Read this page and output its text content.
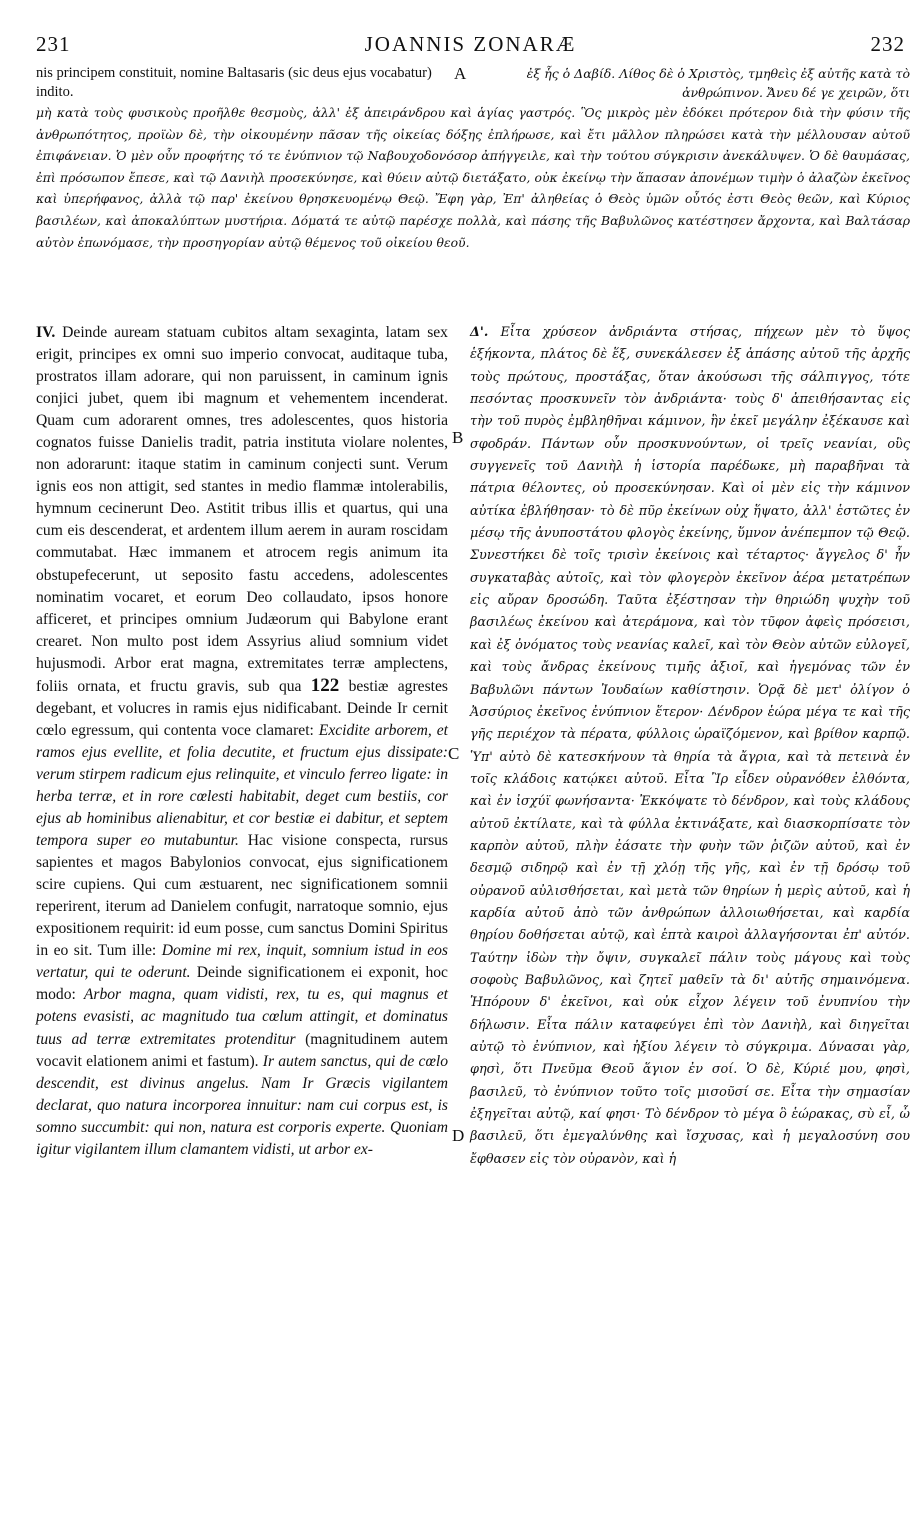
231	JOANNIS ZONARÆ	232
A
B
C
D

nis principem constituit, nomine Baltasaris (sic deus ejus vocabatur) indito.

ἐξ ἧς ὁ Δαβίδ. Λίθος δὲ ὁ Χριστὸς, τμηθεὶς ἐξ αὐτῆς κατὰ τὸ ἀνθρώπινον. Ἄνευ δέ γε χειρῶν, ὅτι

μὴ κατὰ τοὺς φυσικοὺς προῆλθε θεσμοὺς, ἀλλ' ἐξ ἀπειράνδρου καὶ ἁγίας γαστρός. Ὃς μικρὸς μὲν ἐδόκει πρότερον διὰ τὴν φύσιν τῆς ἀνθρωπότητος, προϊὼν δὲ, τὴν οἰκουμένην πᾶσαν τῆς οἰκείας δόξης ἐπλήρωσε, καὶ ἔτι μᾶλλον πληρώσει κατὰ τὴν μέλλουσαν αὐτοῦ ἐπιφάνειαν. Ὁ μὲν οὖν προφήτης τό τε ἐνύπνιον τῷ Ναβουχοδονόσορ ἀπήγγειλε, καὶ τὴν τούτου σύγκρισιν ἀνεκάλυψεν. Ὁ δὲ θαυμάσας, ἐπὶ πρόσωπον ἔπεσε, καὶ τῷ Δανιὴλ προσεκύνησε, καὶ θύειν αὐτῷ διετάξατο, οὐκ ἐκείνῳ τὴν ἅπασαν ἀπονέμων τιμὴν ὁ ἀλαζὼν ἐκεῖνος καὶ ὑπερήφανος, ἀλλὰ τῷ παρ' ἐκείνου θρησκευομένῳ Θεῷ. Ἔφη γὰρ, Ἐπ' ἀληθείας ὁ Θεὸς ὑμῶν οὗτός ἐστι Θεὸς θεῶν, καὶ Κύριος βασιλέων, καὶ ἀποκαλύπτων μυστήρια. Δόματά τε αὐτῷ παρέσχε πολλὰ, καὶ πάσης τῆς Βαβυλῶνος κατέστησεν ἄρχοντα, καὶ Βαλτάσαρ αὐτὸν ἐπωνόμασε, τὴν προσηγορίαν αὐτῷ θέμενος τοῦ οἰκείου θεοῦ.

IV. Deinde auream statuam cubitos altam sexaginta, latam sex erigit, principes ex omni suo imperio convocat, auditaque tuba, prostratos illam adorare, qui non paruissent, in caminum ignis conjici jubet, quem ibi magnum et vehementem incenderat. Quam cum adorarent omnes, tres adolescentes, quos historia cognatos fuisse Danielis tradit, patria instituta violare nolentes, non adorarunt: itaque statim in caminum conjecti sunt. Verum ignis eos non attigit, sed stantes in medio flammæ intolerabilis, hymnum cecinerunt Deo. Astitit tribus illis et quartus, qui una cum eis descenderat, et ardentem illum aerem in auram roscidam commutabat. Hæc immanem et atrocem regis animum ita obstupefecerunt, ut seposito fastu accedens, adolescentes nominatim vocaret, et eorum Deo collaudato, ipsos honore afficeret, et principes omnium Judæorum qui Babylone erant crearet. Non multo post idem Assyrius aliud somnium videt hujusmodi. Arbor erat magna, extremitates terræ amplectens, foliis ornata, et fructu gravis, sub qua 122 bestiæ agrestes degebant, et volucres in ramis ejus nidificabant. Deinde Ir cernit cœlo egressum, qui contenta voce clamaret: Excidite arborem, et ramos ejus evellite, et folia decutite, et fructum ejus dissipate: verum stirpem radicum ejus relinquite, et vinculo ferreo ligate: in herba terræ, et in rore cœlesti habitabit, deget cum bestiis, cor ejus ab hominibus alienabitur, et cor bestiæ ei dabitur, et septem tempora super eo mutabuntur. Hac visione conspecta, rursus sapientes et magos Babylonios convocat, ejus significationem scire cupiens. Qui cum æstuarent, nec significationem somnii reperirent, iterum ad Danielem confugit, narratoque somnio, ejus expositionem requirit: id eum posse, cum sanctus Domini Spiritus in eo sit. Tum ille: Domine mi rex, inquit, somnium istud in eos vertatur, qui te oderunt. Deinde significationem ei exponit, hoc modo: Arbor magna, quam vidisti, rex, tu es, qui magnus et potens evasisti, ac magnitudo tua cœlum attingit, et dominatus tuus ad terræ extremitates protenditur (magnitudinem autem vocavit elationem animi et fastum). Ir autem sanctus, qui de cœlo descendit, est divinus angelus. Nam Ir Græcis vigilantem declarat, quo natura incorporea innuitur: nam cui corpus est, is somno succumbit: qui non, natura est corporis experte. Quoniam igitur vigilantem illum clamantem vidisti, ut arbor ex-

Δ'. Εἶτα χρύσεον ἀνδριάντα στήσας, πήχεων μὲν τὸ ὕψος ἑξήκοντα, πλάτος δὲ ἕξ, συνεκάλεσεν ἐξ ἁπάσης αὐτοῦ τῆς ἀρχῆς τοὺς πρώτους, προστάξας, ὅταν ἀκούσωσι τῆς σάλπιγγος, τότε πεσόντας προσκυνεῖν τὸν ἀνδριάντα· τοὺς δ' ἀπειθήσαντας εἰς τὴν τοῦ πυρὸς ἐμβληθῆναι κάμινον, ἣν ἐκεῖ μεγάλην ἐξέκαυσε καὶ σφοδράν. Πάντων οὖν προσκυνούντων, οἱ τρεῖς νεανίαι, οὓς συγγενεῖς τοῦ Δανιὴλ ἡ ἱστορία παρέδωκε, μὴ παραβῆναι τὰ πάτρια θέλοντες, οὐ προσεκύνησαν. Καὶ οἱ μὲν εἰς τὴν κάμινον αὐτίκα ἐβλήθησαν· τὸ δὲ πῦρ ἐκείνων οὐχ ἥψατο, ἀλλ' ἑστῶτες ἐν μέσῳ τῆς ἀνυποστάτου φλογὸς ἐκείνης, ὕμνον ἀνέπεμπον τῷ Θεῷ. Συνεστήκει δὲ τοῖς τρισὶν ἐκείνοις καὶ τέταρτος· ἄγγελος δ' ἦν συγκαταβὰς αὐτοῖς, καὶ τὸν φλογερὸν ἐκεῖνον ἀέρα μετατρέπων εἰς αὔραν δροσώδη. Ταῦτα ἐξέστησαν τὴν θηριώδη ψυχὴν τοῦ βασιλέως ἐκείνου καὶ ἀτεράμονα, καὶ τὸν τῦφον ἀφεὶς πρόσεισι, καὶ ἐξ ὀνόματος τοὺς νεανίας καλεῖ, καὶ τὸν Θεὸν αὐτῶν εὐλογεῖ, καὶ τοὺς ἄνδρας ἐκείνους τιμῆς ἀξιοῖ, καὶ ἡγεμόνας τῶν ἐν Βαβυλῶνι πάντων Ἰουδαίων καθίστησιν. Ὁρᾷ δὲ μετ' ὀλίγον ὁ Ἀσσύριος ἐκεῖνος ἐνύπνιον ἕτερον· Δένδρον ἑώρα μέγα τε καὶ τῆς γῆς περιέχον τὰ πέρατα, φύλλοις ὡραϊζόμενον, καὶ βρίθον καρπῷ. Ὑπ' αὐτὸ δὲ κατεσκήνουν τὰ θηρία τὰ ἄγρια, καὶ τὰ πετεινὰ ἐν τοῖς κλάδοις κατῴκει αὐτοῦ. Εἶτα Ἲρ εἶδεν οὐρανόθεν ἐλθόντα, καὶ ἐν ἰσχύϊ φωνήσαντα· Ἐκκόψατε τὸ δένδρον, καὶ τοὺς κλάδους αὐτοῦ ἐκτίλατε, καὶ τὰ φύλλα ἐκτινάξατε, καὶ διασκορπίσατε τὸν καρπὸν αὐτοῦ, πλὴν ἐάσατε τὴν φυὴν τῶν ῥιζῶν αὐτοῦ, καὶ ἐν δεσμῷ σιδηρῷ καὶ ἐν τῇ χλόῃ τῆς γῆς, καὶ ἐν τῇ δρόσῳ τοῦ οὐρανοῦ αὐλισθήσεται, καὶ μετὰ τῶν θηρίων ἡ μερὶς αὐτοῦ, καὶ ἡ καρδία αὐτοῦ ἀπὸ τῶν ἀνθρώπων ἀλλοιωθήσεται, καὶ καρδία θηρίου δοθήσεται αὐτῷ, καὶ ἑπτὰ καιροὶ ἀλλαγήσονται ἐπ' αὐτόν. Ταύτην ἰδὼν τὴν ὄψιν, συγκαλεῖ πάλιν τοὺς μάγους καὶ τοὺς σοφοὺς Βαβυλῶνος, καὶ ζητεῖ μαθεῖν τὰ δι' αὐτῆς σημαινόμενα. Ἠπόρουν δ' ἐκεῖνοι, καὶ οὐκ εἶχον λέγειν τοῦ ἐνυπνίου τὴν δήλωσιν. Εἶτα πάλιν καταφεύγει ἐπὶ τὸν Δανιὴλ, καὶ διηγεῖται αὐτῷ τὸ ἐνύπνιον, καὶ ἠξίου λέγειν τὸ σύγκριμα. Δύνασαι γὰρ, φησὶ, ὅτι Πνεῦμα Θεοῦ ἅγιον ἐν σοί. Ὁ δὲ, Κύριέ μου, φησὶ, βασιλεῦ, τὸ ἐνύπνιον τοῦτο τοῖς μισοῦσί σε. Εἶτα τὴν σημασίαν ἐξηγεῖται αὐτῷ, καί φησι· Τὸ δένδρον τὸ μέγα ὃ ἑώρακας, σὺ εἶ, ὦ βασιλεῦ, ὅτι ἐμεγαλύνθης καὶ ἴσχυσας, καὶ ἡ μεγαλοσύνη σου ἔφθασεν εἰς τὸν οὐρανὸν, καὶ ἡ
